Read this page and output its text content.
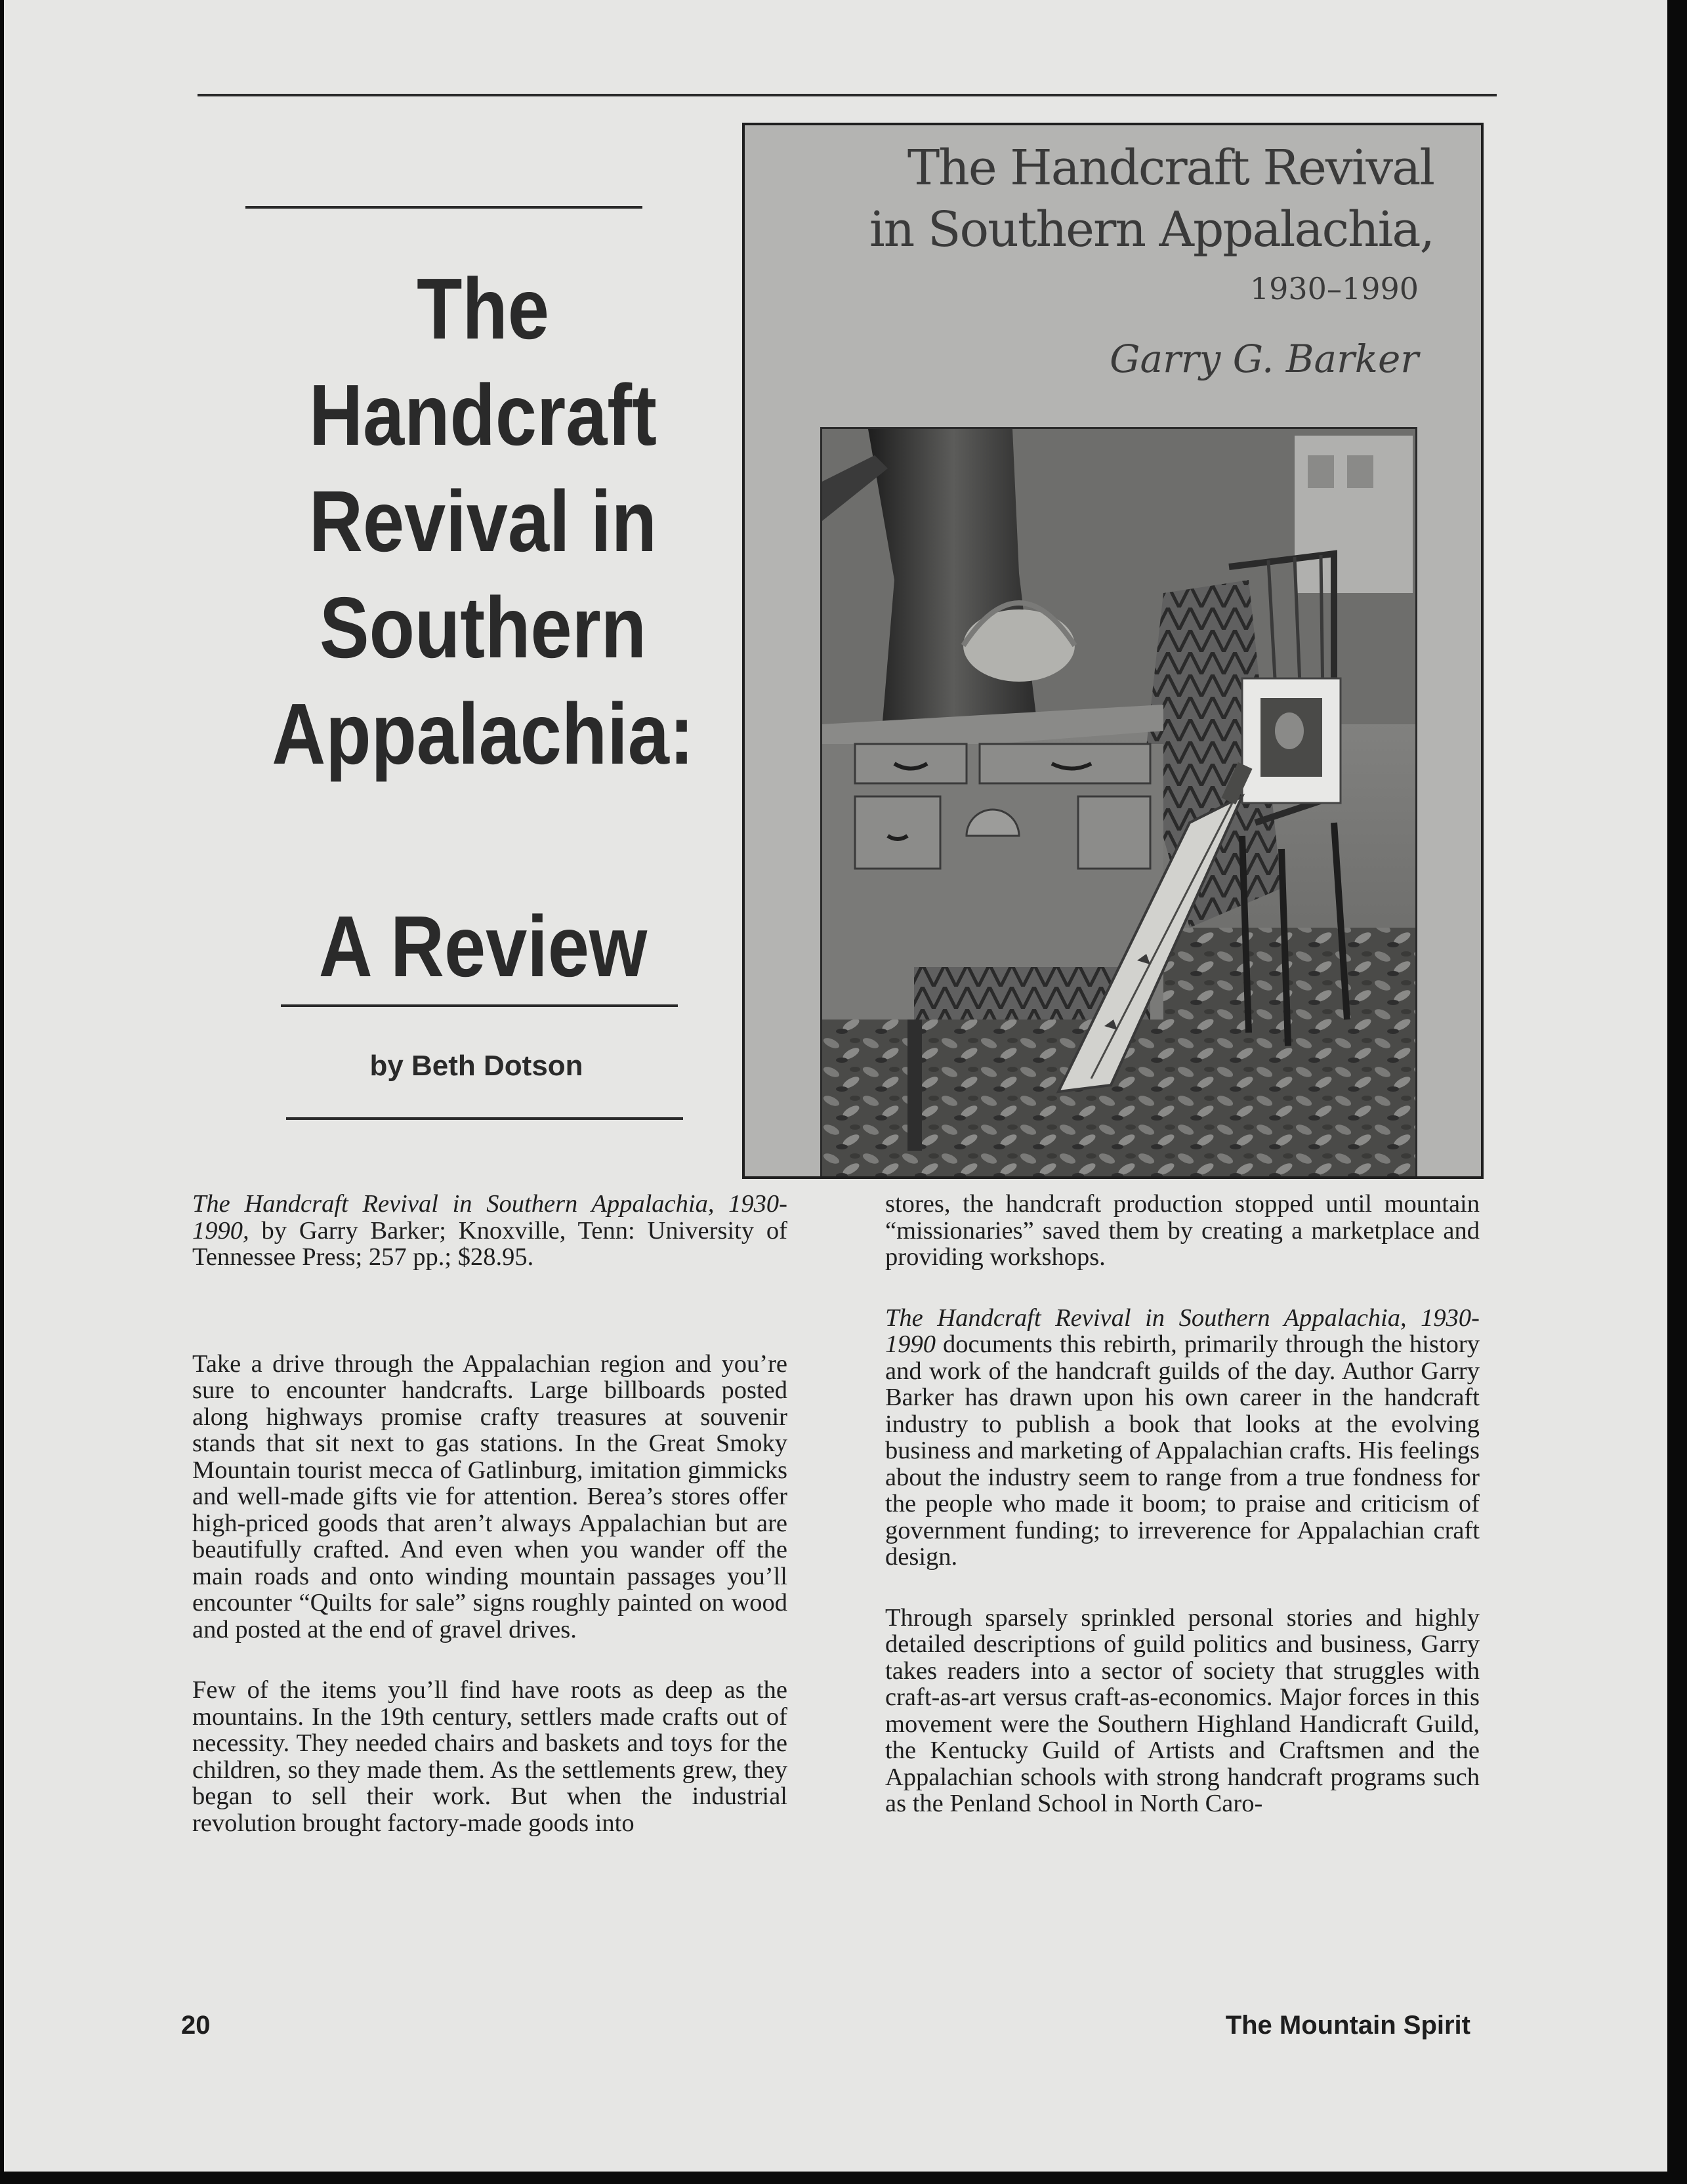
The
Handcraft
Revival in
Southern
Appalachia:
A Review
by Beth Dotson
The Handcraft Revival
in Southern Appalachia,
1930–1990
Garry G. Barker

The Handcraft Revival in Southern Appalachia, 1930-1990, by Garry Barker; Knoxville, Tenn: University of Tennessee Press; 257 pp.; $28.95.

Take a drive through the Appalachian region and you’re sure to encounter handcrafts. Large billboards posted along highways promise crafty treasures at souvenir stands that sit next to gas stations. In the Great Smoky Mountain tourist mecca of Gatlinburg, imitation gimmicks and well-made gifts vie for attention. Berea’s stores offer high-priced goods that aren’t always Appalachian but are beautifully crafted. And even when you wander off the main roads and onto winding mountain passages you’ll encounter “Quilts for sale” signs roughly painted on wood and posted at the end of gravel drives.

Few of the items you’ll find have roots as deep as the mountains. In the 19th century, settlers made crafts out of necessity. They needed chairs and baskets and toys for the children, so they made them. As the settlements grew, they began to sell their work. But when the industrial revolution brought factory-made goods into

stores, the handcraft production stopped until mountain “missionaries” saved them by creating a marketplace and providing workshops.

The Handcraft Revival in Southern Appalachia, 1930-1990 documents this rebirth, primarily through the history and work of the handcraft guilds of the day. Author Garry Barker has drawn upon his own career in the handcraft industry to publish a book that looks at the evolving business and marketing of Appalachian crafts. His feelings about the industry seem to range from a true fondness for the people who made it boom; to praise and criticism of government funding; to irreverence for Appalachian craft design.

Through sparsely sprinkled personal stories and highly detailed descriptions of guild politics and business, Garry takes readers into a sector of society that struggles with craft-as-art versus craft-as-economics. Major forces in this movement were the Southern Highland Handicraft Guild, the Kentucky Guild of Artists and Craftsmen and the Appalachian schools with strong handcraft programs such as the Penland School in North Caro-

20	The Mountain Spirit
